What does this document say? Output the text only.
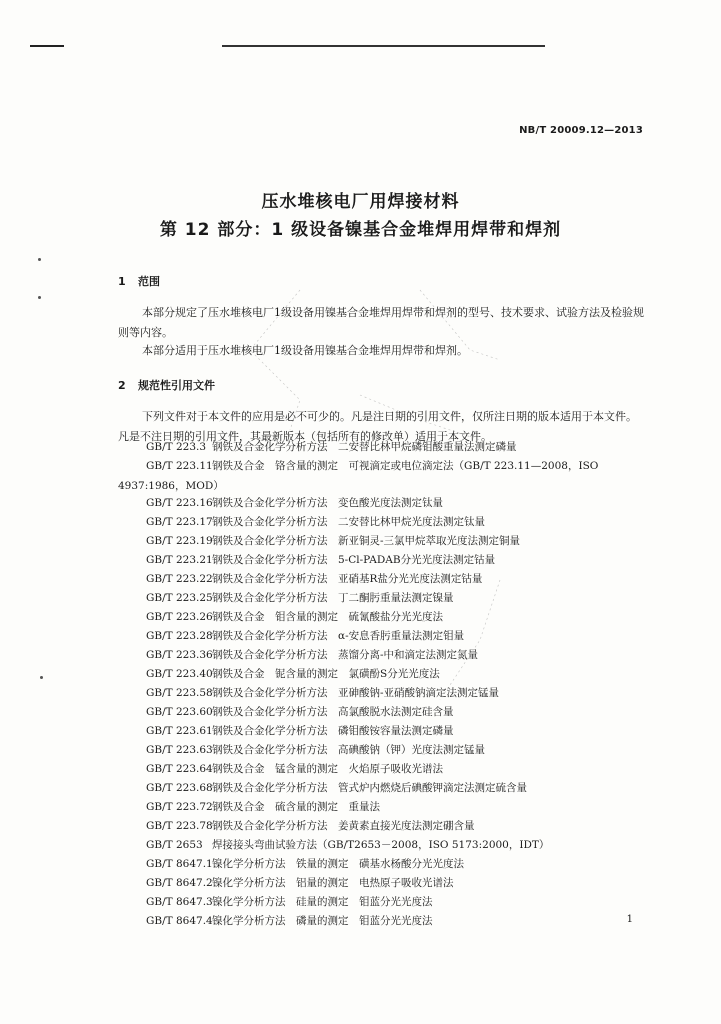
NB/T 20009.12—2013
压水堆核电厂用焊接材料
第 12 部分：1 级设备镍基合金堆焊用焊带和焊剂
1 范围
本部分规定了压水堆核电厂1级设备用镍基合金堆焊用焊带和焊剂的型号、技术要求、试验方法及检验规则等内容。
本部分适用于压水堆核电厂1级设备用镍基合金堆焊用焊带和焊剂。
2 规范性引用文件
下列文件对于本文件的应用是必不可少的。凡是注日期的引用文件，仅所注日期的版本适用于本文件。凡是不注日期的引用文件，其最新版本（包括所有的修改单）适用于本文件。
GB/T 223.3 钢铁及合金化学分析方法　二安替比林甲烷磷钼酸重量法测定磷量
GB/T 223.11钢铁及合金　铬含量的测定　可视滴定或电位滴定法（GB/T 223.11—2008，ISO
GB/T 223.16钢铁及合金化学分析方法　变色酸光度法测定钛量
GB/T 223.17钢铁及合金化学分析方法　二安替比林甲烷光度法测定钛量
GB/T 223.19钢铁及合金化学分析方法　新亚铜灵-三氯甲烷萃取光度法测定铜量
GB/T 223.21钢铁及合金化学分析方法　5-Cl-PADAB分光光度法测定钴量
GB/T 223.22钢铁及合金化学分析方法　亚硝基R盐分光光度法测定钴量
GB/T 223.25钢铁及合金化学分析方法　丁二酮肟重量法测定镍量
GB/T 223.26钢铁及合金　钼含量的测定　硫氰酸盐分光光度法
GB/T 223.28钢铁及合金化学分析方法　α-安息香肟重量法测定钼量
GB/T 223.36钢铁及合金化学分析方法　蒸馏分离-中和滴定法测定氮量
GB/T 223.40钢铁及合金　铌含量的测定　氯磺酚S分光光度法
GB/T 223.58钢铁及合金化学分析方法　亚砷酸钠-亚硝酸钠滴定法测定锰量
GB/T 223.60钢铁及合金化学分析方法　高氯酸脱水法测定硅含量
GB/T 223.61钢铁及合金化学分析方法　磷钼酸铵容量法测定磷量
GB/T 223.63钢铁及合金化学分析方法　高碘酸钠（钾）光度法测定锰量
GB/T 223.64钢铁及合金　锰含量的测定　火焰原子吸收光谱法
GB/T 223.68钢铁及合金化学分析方法　管式炉内燃烧后碘酸钾滴定法测定硫含量
GB/T 223.72钢铁及合金　硫含量的测定　重量法
GB/T 223.78钢铁及合金化学分析方法　姜黄素直接光度法测定硼含量
GB/T 2653 焊接接头弯曲试验方法（GB/T2653－2008，ISO 5173:2000，IDT）
GB/T 8647.1镍化学分析方法　铁量的测定　磺基水杨酸分光光度法
GB/T 8647.2镍化学分析方法　铝量的测定　电热原子吸收光谱法
GB/T 8647.3镍化学分析方法　硅量的测定　钼蓝分光光度法
GB/T 8647.4镍化学分析方法　磷量的测定　钼蓝分光光度法
4937:1986，MOD）
1
